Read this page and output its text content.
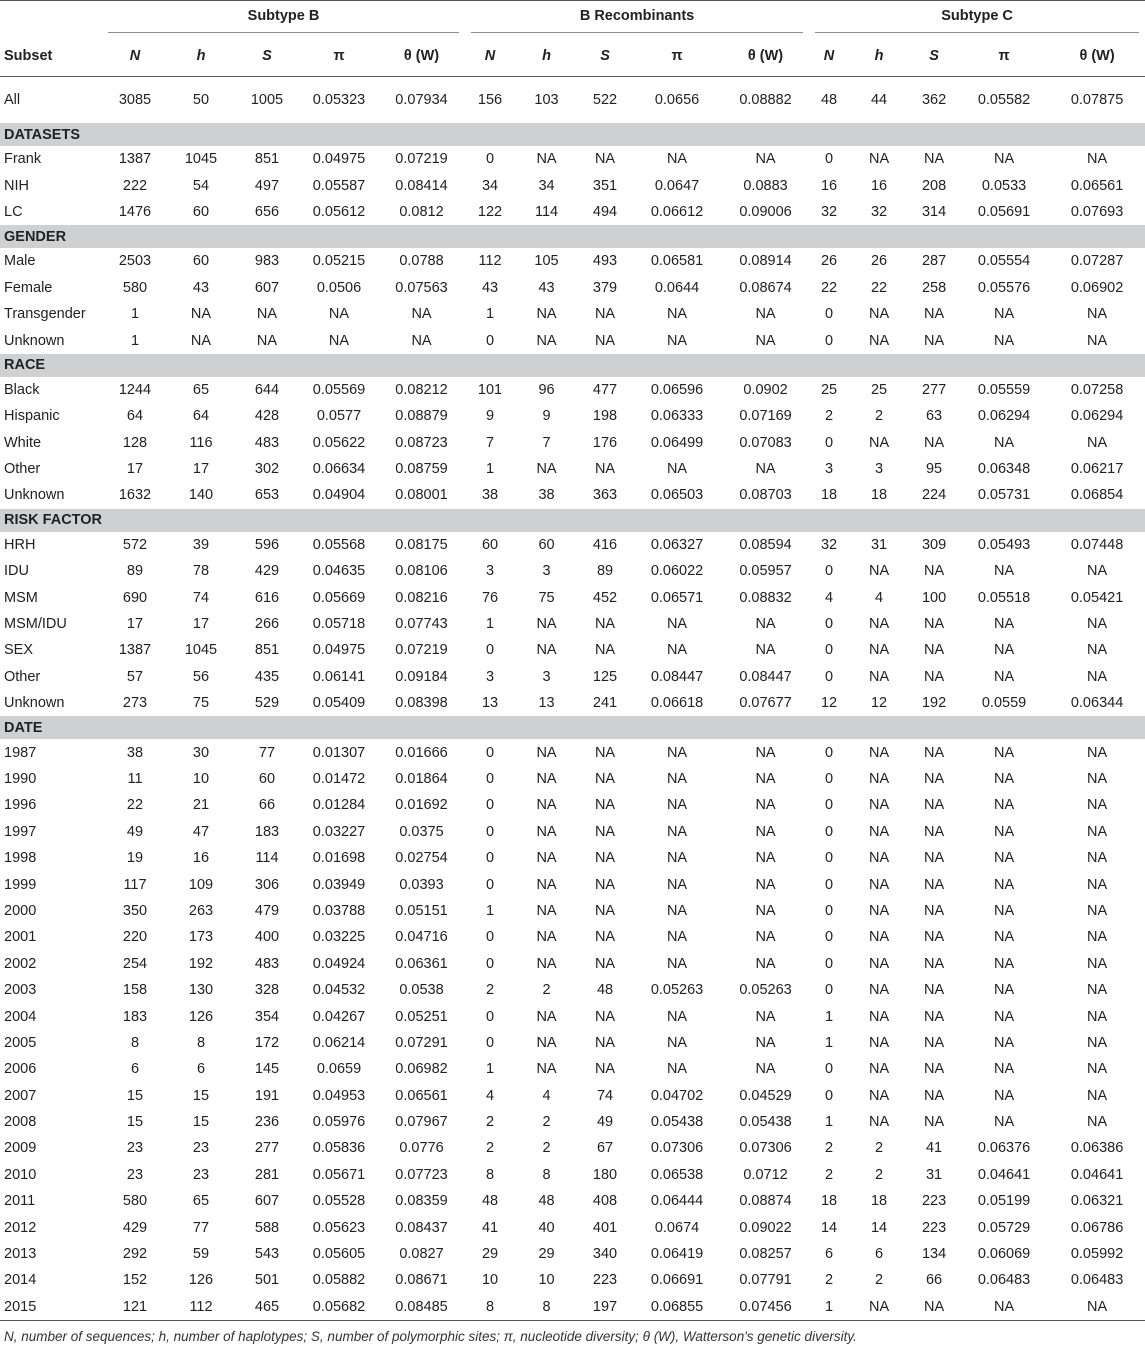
	Subtype B					B Recombinants					Subtype C				

Subset	N	h	S	π	θ (W)	N	h	S	π	θ (W)	N	h	S	π	θ (W)
All	3085	50	1005	0.05323	0.07934	156	103	522	0.0656	0.08882	48	44	362	0.05582	0.07875
DATASETS															
Frank	1387	1045	851	0.04975	0.07219	0	NA	NA	NA	NA	0	NA	NA	NA	NA
NIH	222	54	497	0.05587	0.08414	34	34	351	0.0647	0.0883	16	16	208	0.0533	0.06561
LC	1476	60	656	0.05612	0.0812	122	114	494	0.06612	0.09006	32	32	314	0.05691	0.07693
GENDER															
Male	2503	60	983	0.05215	0.0788	112	105	493	0.06581	0.08914	26	26	287	0.05554	0.07287
Female	580	43	607	0.0506	0.07563	43	43	379	0.0644	0.08674	22	22	258	0.05576	0.06902
Transgender	1	NA	NA	NA	NA	1	NA	NA	NA	NA	0	NA	NA	NA	NA
Unknown	1	NA	NA	NA	NA	0	NA	NA	NA	NA	0	NA	NA	NA	NA
RACE															
Black	1244	65	644	0.05569	0.08212	101	96	477	0.06596	0.0902	25	25	277	0.05559	0.07258
Hispanic	64	64	428	0.0577	0.08879	9	9	198	0.06333	0.07169	2	2	63	0.06294	0.06294
White	128	116	483	0.05622	0.08723	7	7	176	0.06499	0.07083	0	NA	NA	NA	NA
Other	17	17	302	0.06634	0.08759	1	NA	NA	NA	NA	3	3	95	0.06348	0.06217
Unknown	1632	140	653	0.04904	0.08001	38	38	363	0.06503	0.08703	18	18	224	0.05731	0.06854
RISK FACTOR															
HRH	572	39	596	0.05568	0.08175	60	60	416	0.06327	0.08594	32	31	309	0.05493	0.07448
IDU	89	78	429	0.04635	0.08106	3	3	89	0.06022	0.05957	0	NA	NA	NA	NA
MSM	690	74	616	0.05669	0.08216	76	75	452	0.06571	0.08832	4	4	100	0.05518	0.05421
MSM/IDU	17	17	266	0.05718	0.07743	1	NA	NA	NA	NA	0	NA	NA	NA	NA
SEX	1387	1045	851	0.04975	0.07219	0	NA	NA	NA	NA	0	NA	NA	NA	NA
Other	57	56	435	0.06141	0.09184	3	3	125	0.08447	0.08447	0	NA	NA	NA	NA
Unknown	273	75	529	0.05409	0.08398	13	13	241	0.06618	0.07677	12	12	192	0.0559	0.06344
DATE															
1987	38	30	77	0.01307	0.01666	0	NA	NA	NA	NA	0	NA	NA	NA	NA
1990	11	10	60	0.01472	0.01864	0	NA	NA	NA	NA	0	NA	NA	NA	NA
1996	22	21	66	0.01284	0.01692	0	NA	NA	NA	NA	0	NA	NA	NA	NA
1997	49	47	183	0.03227	0.0375	0	NA	NA	NA	NA	0	NA	NA	NA	NA
1998	19	16	114	0.01698	0.02754	0	NA	NA	NA	NA	0	NA	NA	NA	NA
1999	117	109	306	0.03949	0.0393	0	NA	NA	NA	NA	0	NA	NA	NA	NA
2000	350	263	479	0.03788	0.05151	1	NA	NA	NA	NA	0	NA	NA	NA	NA
2001	220	173	400	0.03225	0.04716	0	NA	NA	NA	NA	0	NA	NA	NA	NA
2002	254	192	483	0.04924	0.06361	0	NA	NA	NA	NA	0	NA	NA	NA	NA
2003	158	130	328	0.04532	0.0538	2	2	48	0.05263	0.05263	0	NA	NA	NA	NA
2004	183	126	354	0.04267	0.05251	0	NA	NA	NA	NA	1	NA	NA	NA	NA
2005	8	8	172	0.06214	0.07291	0	NA	NA	NA	NA	1	NA	NA	NA	NA
2006	6	6	145	0.0659	0.06982	1	NA	NA	NA	NA	0	NA	NA	NA	NA
2007	15	15	191	0.04953	0.06561	4	4	74	0.04702	0.04529	0	NA	NA	NA	NA
2008	15	15	236	0.05976	0.07967	2	2	49	0.05438	0.05438	1	NA	NA	NA	NA
2009	23	23	277	0.05836	0.0776	2	2	67	0.07306	0.07306	2	2	41	0.06376	0.06386
2010	23	23	281	0.05671	0.07723	8	8	180	0.06538	0.0712	2	2	31	0.04641	0.04641
2011	580	65	607	0.05528	0.08359	48	48	408	0.06444	0.08874	18	18	223	0.05199	0.06321
2012	429	77	588	0.05623	0.08437	41	40	401	0.0674	0.09022	14	14	223	0.05729	0.06786
2013	292	59	543	0.05605	0.0827	29	29	340	0.06419	0.08257	6	6	134	0.06069	0.05992
2014	152	126	501	0.05882	0.08671	10	10	223	0.06691	0.07791	2	2	66	0.06483	0.06483
2015	121	112	465	0.05682	0.08485	8	8	197	0.06855	0.07456	1	NA	NA	NA	NA
N, number of sequences; h, number of haplotypes; S, number of polymorphic sites; π, nucleotide diversity; θ (W), Watterson's genetic diversity.
